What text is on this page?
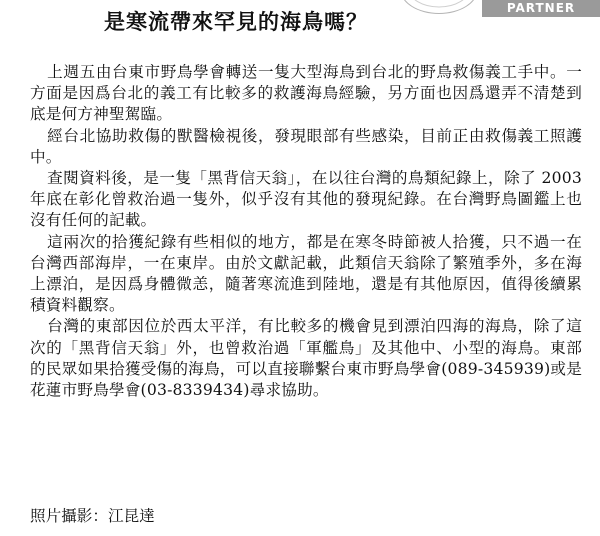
是寒流帶來罕見的海鳥嗎？
PARTNER

上週五由台東市野鳥學會轉送一隻大型海鳥到台北的野鳥救傷義工手中。一方面是因爲台北的義工有比較多的救護海鳥經驗，另方面也因爲還弄不清楚到底是何方神聖駕臨。

經台北協助救傷的獸醫檢視後，發現眼部有些感染，目前正由救傷義工照護中。

查閱資料後，是一隻「黑背信天翁」，在以往台灣的鳥類紀錄上，除了 2003 年底在彰化曾救治過一隻外，似乎沒有其他的發現紀錄。在台灣野鳥圖鑑上也沒有任何的記載。

這兩次的拾獲紀錄有些相似的地方，都是在寒冬時節被人拾獲，只不過一在台灣西部海岸，一在東岸。由於文獻記載，此類信天翁除了繁殖季外，多在海上漂泊，是因爲身體微恙，隨著寒流進到陸地，還是有其他原因，值得後續累積資料觀察。

台灣的東部因位於西太平洋，有比較多的機會見到漂泊四海的海鳥，除了這次的「黑背信天翁」外，也曾救治過「軍艦鳥」及其他中、小型的海鳥。東部的民眾如果拾獲受傷的海鳥，可以直接聯繫台東市野鳥學會(089-345939)或是花蓮市野鳥學會(03-8339434)尋求協助。

照片攝影：江昆達
